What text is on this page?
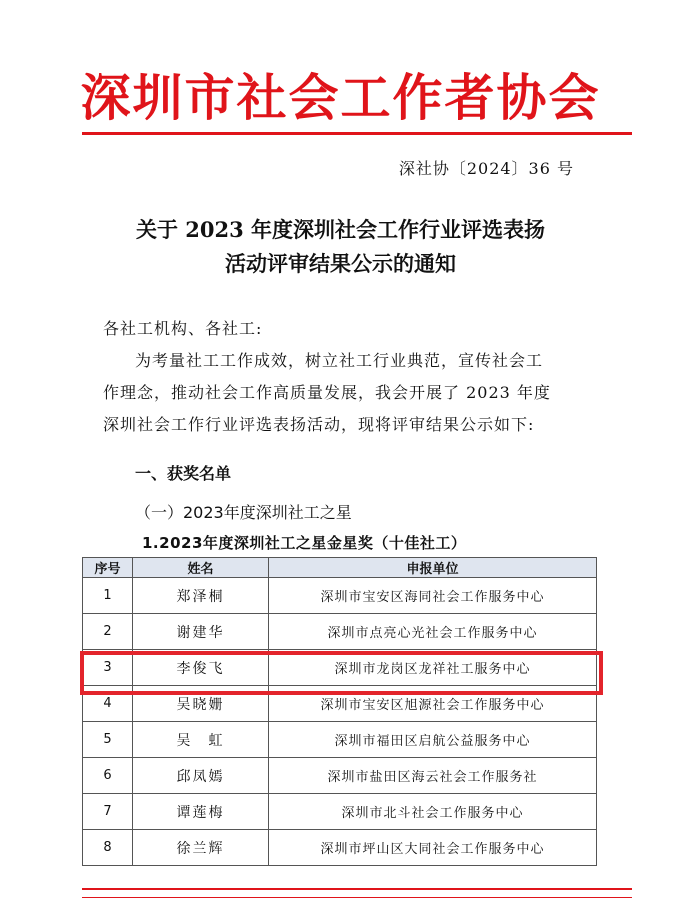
深圳市社会工作者协会
深社协〔2024〕36 号
关于 2023 年度深圳社会工作行业评选表扬
活动评审结果公示的通知
各社工机构、各社工:
为考量社工工作成效，树立社工行业典范，宣传社会工
作理念，推动社会工作高质量发展，我会开展了 2023 年度
深圳社会工作行业评选表扬活动，现将评审结果公示如下:
一、获奖名单
（一）2023年度深圳社工之星
1.2023年度深圳社工之星金星奖（十佳社工）
序号	姓名	申报单位
1	郑泽桐	深圳市宝安区海同社会工作服务中心
2	谢建华	深圳市点亮心光社会工作服务中心
3	李俊飞	深圳市龙岗区龙祥社工服务中心
4	吴晓姗	深圳市宝安区旭源社会工作服务中心
5	吴　虹	深圳市福田区启航公益服务中心
6	邱凤嫣	深圳市盐田区海云社会工作服务社
7	谭莲梅	深圳市北斗社会工作服务中心
8	徐兰辉	深圳市坪山区大同社会工作服务中心
